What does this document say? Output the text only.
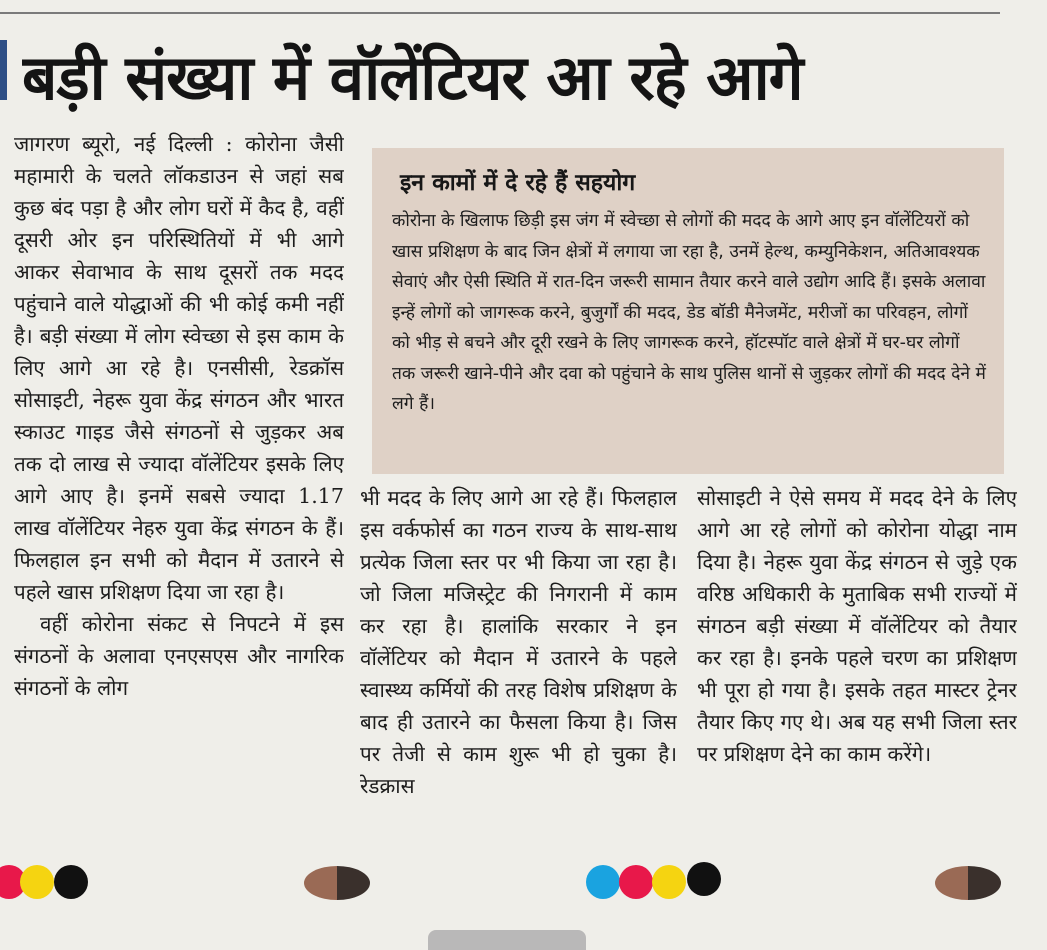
बड़ी संख्या में वॉलेंटियर आ रहे आगे

जागरण ब्यूरो, नई दिल्ली : कोरोना जैसी महामारी के चलते लॉकडाउन से जहां सब कुछ बंद पड़ा है और लोग घरों में कैद है, वहीं दूसरी ओर इन परिस्थितियों में भी आगे आकर सेवाभाव के साथ दूसरों तक मदद पहुंचाने वाले योद्धाओं की भी कोई कमी नहीं है। बड़ी संख्या में लोग स्वेच्छा से इस काम के लिए आगे आ रहे है। एनसीसी, रेडक्रॉस सोसाइटी, नेहरू युवा केंद्र संगठन और भारत स्काउट गाइड जैसे संगठनों से जुड़कर अब तक दो लाख से ज्यादा वॉलेंटियर इसके लिए आगे आए है। इनमें सबसे ज्यादा 1.17 लाख वॉलेंटियर नेहरु युवा केंद्र संगठन के हैं। फिलहाल इन सभी को मैदान में उतारने से पहले खास प्रशिक्षण दिया जा रहा है।

वहीं कोरोना संकट से निपटने में इस संगठनों के अलावा एनएसएस और नागरिक संगठनों के लोग

इन कामों में दे रहे हैं सहयोग
कोरोना के खिलाफ छिड़ी इस जंग में स्वेच्छा से लोगों की मदद के आगे आए इन वॉलेंटियरों को खास प्रशिक्षण के बाद जिन क्षेत्रों में लगाया जा रहा है, उनमें हेल्थ, कम्युनिकेशन, अतिआवश्यक सेवाएं और ऐसी स्थिति में रात-दिन जरूरी सामान तैयार करने वाले उद्योग आदि हैं। इसके अलावा इन्हें लोगों को जागरूक करने, बुजुर्गों की मदद, डेड बॉडी मैनेजमेंट, मरीजों का परिवहन, लोगों को भीड़ से बचने और दूरी रखने के लिए जागरूक करने, हॉटस्पॉट वाले क्षेत्रों में घर-घर लोगों तक जरूरी खाने-पीने और दवा को पहुंचाने के साथ पुलिस थानों से जुड़कर लोगों की मदद देने में लगे हैं।

भी मदद के लिए आगे आ रहे हैं। फिलहाल इस वर्कफोर्स का गठन राज्य के साथ-साथ प्रत्येक जिला स्तर पर भी किया जा रहा है। जो जिला मजिस्ट्रेट की निगरानी में काम कर रहा है। हालांकि सरकार ने इन वॉलेंटियर को मैदान में उतारने के पहले स्वास्थ्य कर्मियों की तरह विशेष प्रशिक्षण के बाद ही उतारने का फैसला किया है। जिस पर तेजी से काम शुरू भी हो चुका है। रेडक्रास

सोसाइटी ने ऐसे समय में मदद देने के लिए आगे आ रहे लोगों को कोरोना योद्धा नाम दिया है। नेहरू युवा केंद्र संगठन से जुड़े एक वरिष्ठ अधिकारी के मुताबिक सभी राज्यों में संगठन बड़ी संख्या में वॉलेंटियर को तैयार कर रहा है। इनके पहले चरण का प्रशिक्षण भी पूरा हो गया है। इसके तहत मास्टर ट्रेनर तैयार किए गए थे। अब यह सभी जिला स्तर पर प्रशिक्षण देने का काम करेंगे।
